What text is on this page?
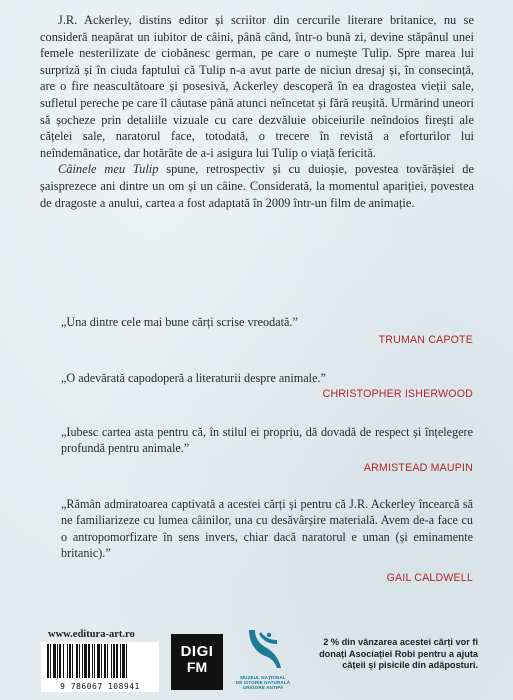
J.R. Ackerley, distins editor și scriitor din cercurile literare britanice, nu se consideră neapărat un iubitor de câini, până când, într-o bună zi, devine stăpânul unei femele nesterilizate de ciobănesc german, pe care o numește Tulip. Spre marea lui surpriză și în ciuda faptului că Tulip n-a avut parte de niciun dresaj și, în consecință, are o fire neascultătoare și posesivă, Ackerley descoperă în ea dragostea vieții sale, sufletul pereche pe care îl căutase până atunci neîncetat și fără reușită. Urmărind uneori să șocheze prin detaliile vizuale cu care dezvăluie obiceiurile neîndoios firești ale cățelei sale, naratorul face, totodată, o trecere în revistă a eforturilor lui neîndemânatice, dar hotărâte de a-i asigura lui Tulip o viață fericită.

Câinele meu Tulip spune, retrospectiv și cu duioșie, povestea tovărășiei de șaisprezece ani dintre un om și un câine. Considerată, la momentul apariției, povestea de dragoste a anului, cartea a fost adaptată în 2009 într-un film de animație.

„Una dintre cele mai bune cărți scrise vreodată.”
TRUMAN CAPOTE
„O adevărată capodoperă a literaturii despre animale.”
CHRISTOPHER ISHERWOOD
„Iubesc cartea asta pentru că, în stilul ei propriu, dă dovadă de respect și înțelegere profundă pentru animale.”
ARMISTEAD MAUPIN
„Rămân admiratoarea captivată a acestei cărți și pentru că J.R. Ackerley încearcă să ne familiarizeze cu lumea câinilor, una cu desăvârșire materială. Avem de-a face cu o antropomorfizare în sens invers, chiar dacă naratorul e uman (și eminamente britanic).”
GAIL CALDWELL
www.editura-art.ro
9 786067 108941
DIGI
FM
MUZEUL NAȚIONAL
DE ISTORIE NATURALĂ
GRIGORE ANTIPA
2 % din vânzarea acestei cărți vor fi donați Asociației Robi pentru a ajuta cățeii și pisicile din adăposturi.
